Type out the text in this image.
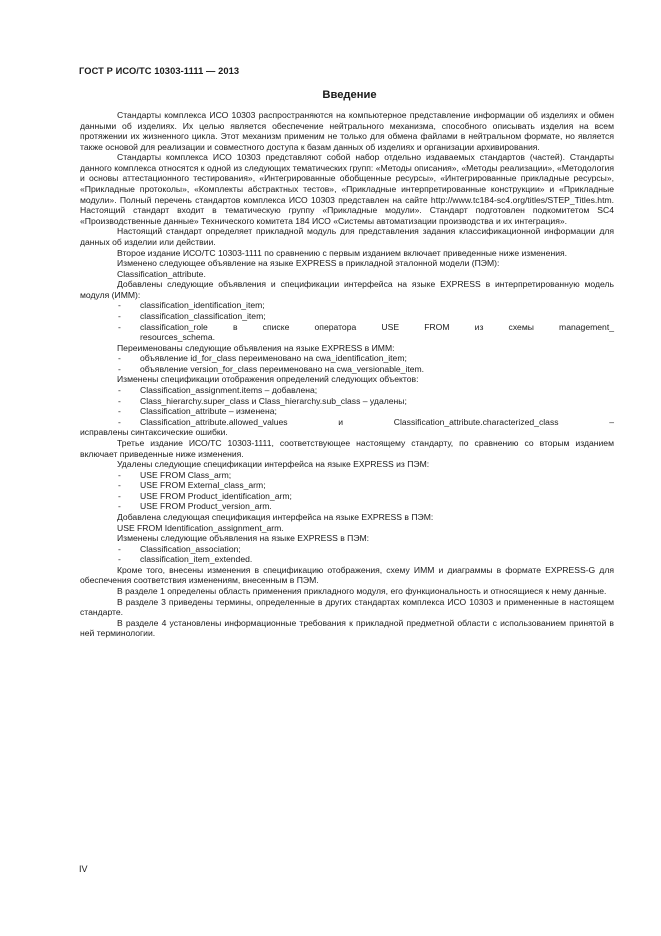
ГОСТ Р ИСО/ТС 10303-1111 — 2013
Введение

Стандарты комплекса ИСО 10303 распространяются на компьютерное представление информации об изделиях и обмен данными об изделиях. Их целью является обеспечение нейтрального механизма, способного описывать изделия на всем протяжении их жизненного цикла. Этот механизм применим не только для обмена файлами в нейтральном формате, но является также основой для реализации и совместного доступа к базам данных об изделиях и организации архивирования.

Стандарты комплекса ИСО 10303 представляют собой набор отдельно издаваемых стандартов (частей). Стандарты данного комплекса относятся к одной из следующих тематических групп: «Методы описания», «Методы реализации», «Методология и основы аттестационного тестирования», «Интегрированные обобщенные ресурсы», «Интегрированные прикладные ресурсы», «Прикладные протоколы», «Комплекты абстрактных тестов», «Прикладные интерпретированные конструкции» и «Прикладные модули». Полный перечень стандартов комплекса ИСО 10303 представлен на сайте http://www.tc184-sc4.org/titles/STEP_Titles.htm. Настоящий стандарт входит в тематическую группу «Прикладные модули». Стандарт подготовлен подкомитетом SC4 «Производственные данные» Технического комитета 184 ИСО «Системы автоматизации производства и их интеграция».

Настоящий стандарт определяет прикладной модуль для представления задания классификационной информации для данных об изделии или действии.

Второе издание ИСО/ТС 10303-1111 по сравнению с первым изданием включает приведенные ниже изменения.

Изменено следующее объявление на языке EXPRESS в прикладной эталонной модели (ПЭМ):

Classification_attribute.

Добавлены следующие объявления и спецификации интерфейса на языке EXPRESS в интерпретированную модель модуля (ИММ):

-	classification_identification_item;
-	classification_classification_item;
-	classification_role в списке оператора USE FROM из схемы management_

resources_schema.

Переименованы следующие объявления на языке EXPRESS в ИММ:

-	объявление id_for_class переименовано на cwa_identification_item;
-	объявление version_for_class переименовано на cwa_versionable_item.

Изменены спецификации отображения определений следующих объектов:

-	Classification_assignment.items – добавлена;
-	Class_hierarchy.super_class и Class_hierarchy.sub_class – удалены;
-	Classification_attribute – изменена;
-	Classification_attribute.allowed_values и Classification_attribute.characterized_class –

исправлены синтаксические ошибки.

Третье издание ИСО/ТС 10303-1111, соответствующее настоящему стандарту, по сравнению со вторым изданием включает приведенные ниже изменения.

Удалены следующие спецификации интерфейса на языке EXPRESS из ПЭМ:

-	USE FROM Class_arm;
-	USE FROM External_class_arm;
-	USE FROM Product_identification_arm;
-	USE FROM Product_version_arm.

Добавлена следующая спецификация интерфейса на языке EXPRESS в ПЭМ:

USE FROM Identification_assignment_arm.

Изменены следующие объявления на языке EXPRESS в ПЭМ:

-	Classification_association;
-	classification_item_extended.

Кроме того, внесены изменения в спецификацию отображения, схему ИММ и диаграммы в формате EXPRESS-G для обеспечения соответствия изменениям, внесенным в ПЭМ.

В разделе 1 определены область применения прикладного модуля, его функциональность и относящиеся к нему данные.

В разделе 3 приведены термины, определенные в других стандартах комплекса ИСО 10303 и примененные в настоящем стандарте.

В разделе 4 установлены информационные требования к прикладной предметной области с использованием принятой в ней терминологии.

IV
